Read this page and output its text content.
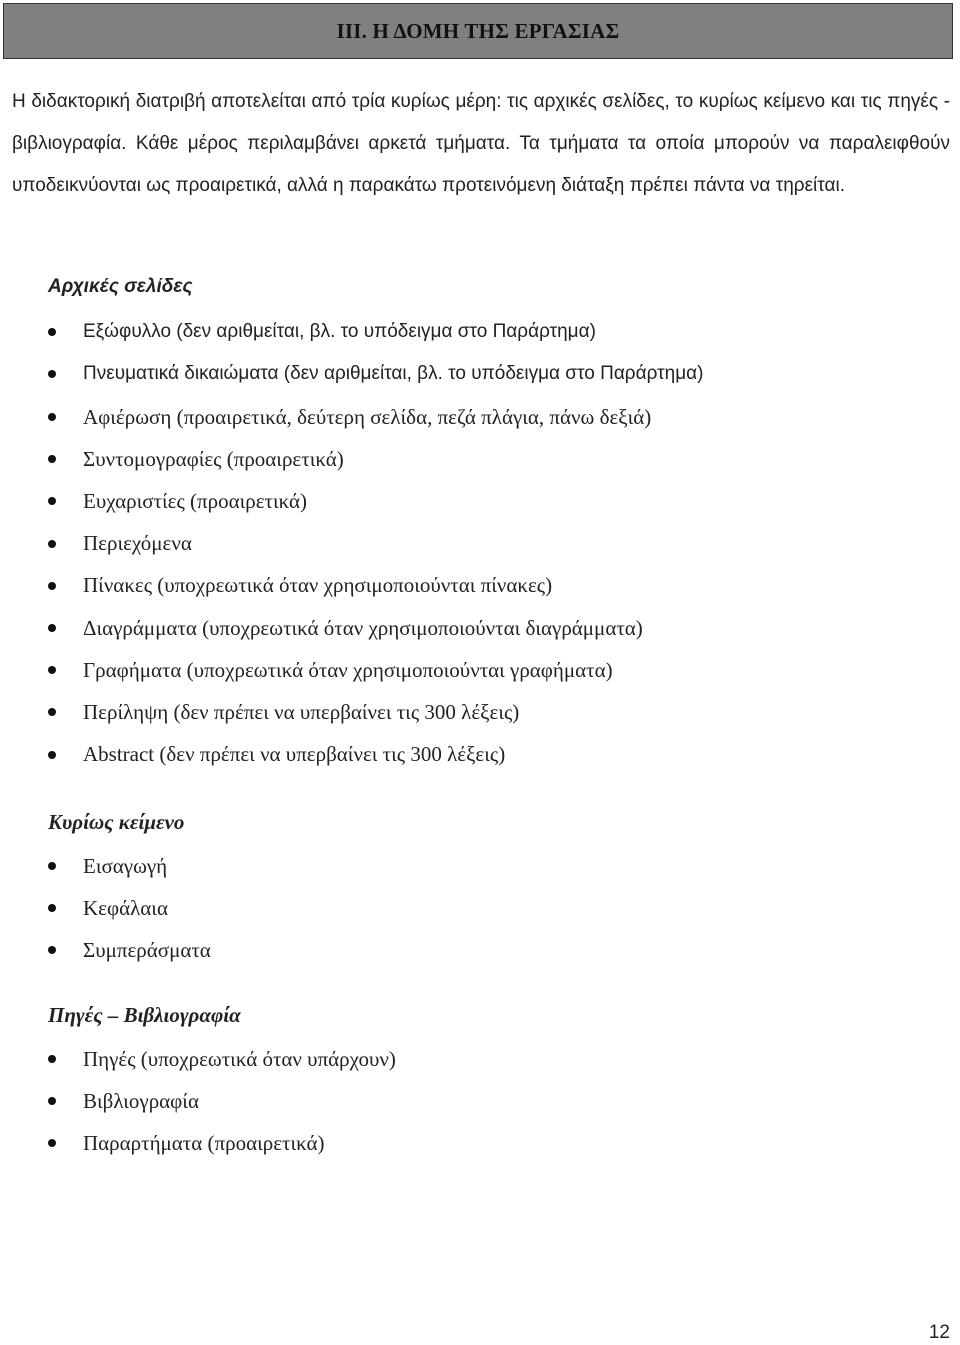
ΙΙΙ. Η ΔΟΜΗ ΤΗΣ ΕΡΓΑΣΙΑΣ

Η διδακτορική διατριβή αποτελείται από τρία κυρίως μέρη: τις αρχικές σελίδες, το κυρίως κείμενο και τις πηγές - βιβλιογραφία. Κάθε μέρος περιλαμβάνει αρκετά τμήματα. Τα τμήματα τα οποία μπορούν να παραλειφθούν υποδεικνύονται ως προαιρετικά, αλλά η παρακάτω προτεινόμενη διάταξη πρέπει πάντα να τηρείται.

Αρχικές σελίδες
Εξώφυλλο (δεν αριθμείται, βλ. το υπόδειγμα στο Παράρτημα)
Πνευματικά δικαιώματα (δεν αριθμείται, βλ. το υπόδειγμα στο Παράρτημα)
Αφιέρωση (προαιρετικά, δεύτερη σελίδα, πεζά πλάγια, πάνω δεξιά)
Συντομογραφίες (προαιρετικά)
Ευχαριστίες (προαιρετικά)
Περιεχόμενα
Πίνακες (υποχρεωτικά όταν χρησιμοποιούνται πίνακες)
Διαγράμματα (υποχρεωτικά όταν χρησιμοποιούνται διαγράμματα)
Γραφήματα (υποχρεωτικά όταν χρησιμοποιούνται γραφήματα)
Περίληψη (δεν πρέπει να υπερβαίνει τις 300 λέξεις)
Abstract (δεν πρέπει να υπερβαίνει τις 300 λέξεις)
Κυρίως κείμενο
Εισαγωγή
Κεφάλαια
Συμπεράσματα
Πηγές – Βιβλιογραφία
Πηγές (υποχρεωτικά όταν υπάρχουν)
Βιβλιογραφία
Παραρτήματα (προαιρετικά)
12
